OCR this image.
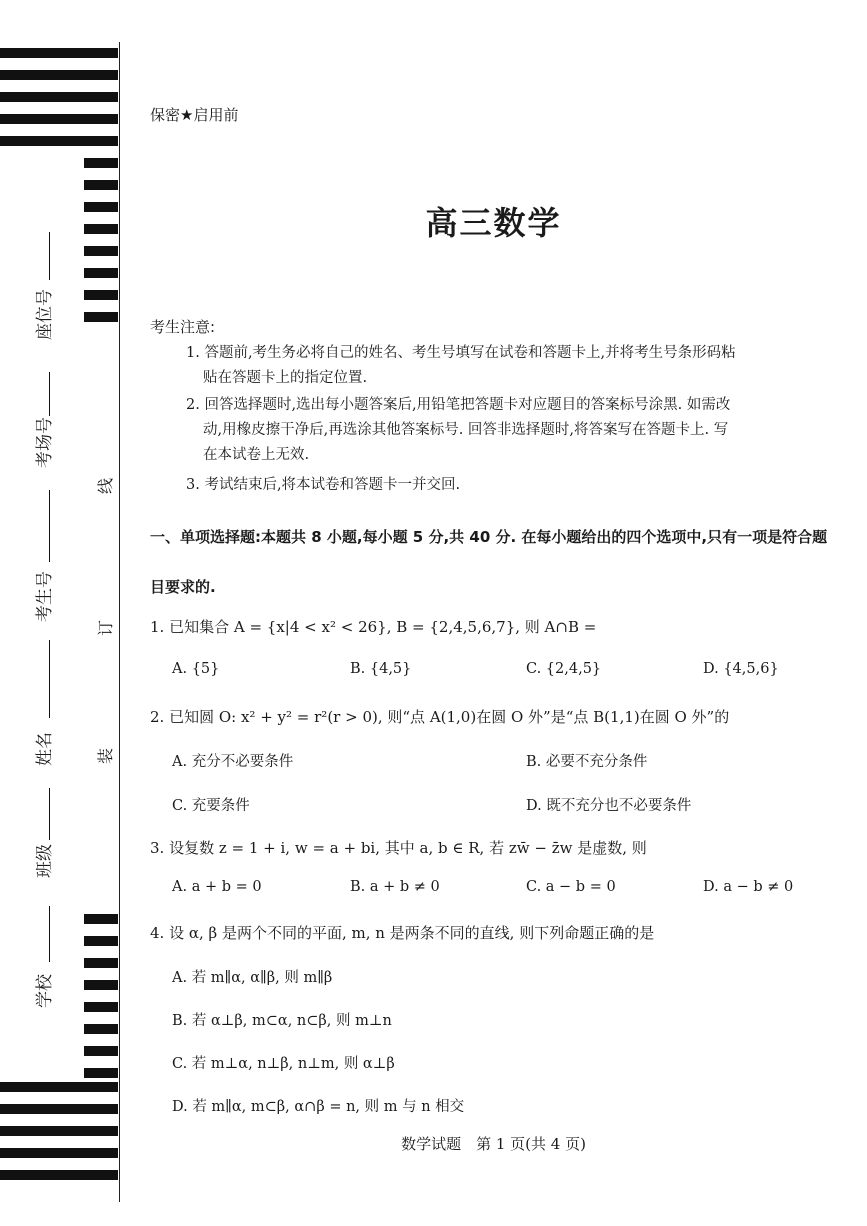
座位号
考场号
考生号
姓名
班级
学校
线
订
装
保密★启用前
高三数学
考生注意:
1. 答题前,考生务必将自己的姓名、考生号填写在试卷和答题卡上,并将考生号条形码粘
贴在答题卡上的指定位置.
2. 回答选择题时,选出每小题答案后,用铅笔把答题卡对应题目的答案标号涂黑. 如需改
动,用橡皮擦干净后,再选涂其他答案标号. 回答非选择题时,将答案写在答题卡上. 写
在本试卷上无效.
3. 考试结束后,将本试卷和答题卡一并交回.
一、单项选择题:本题共 8 小题,每小题 5 分,共 40 分. 在每小题给出的四个选项中,只有一项是符合题目要求的.
1. 已知集合 A = {x|4 < x² < 26}, B = {2,4,5,6,7}, 则 A∩B =
A. {5}	B. {4,5}	C. {2,4,5}	D. {4,5,6}
2. 已知圆 O: x² + y² = r²(r > 0), 则“点 A(1,0)在圆 O 外”是“点 B(1,1)在圆 O 外”的
A. 充分不必要条件	B. 必要不充分条件
C. 充要条件	D. 既不充分也不必要条件
3. 设复数 z = 1 + i, w = a + bi, 其中 a, b ∈ R, 若 zw̄ − z̄w 是虚数, 则
A. a + b = 0	B. a + b ≠ 0	C. a − b = 0	D. a − b ≠ 0
4. 设 α, β 是两个不同的平面, m, n 是两条不同的直线, 则下列命题正确的是
A. 若 m∥α, α∥β, 则 m∥β
B. 若 α⊥β, m⊂α, n⊂β, 则 m⊥n
C. 若 m⊥α, n⊥β, n⊥m, 则 α⊥β
D. 若 m∥α, m⊂β, α∩β = n, 则 m 与 n 相交
数学试题　第 1 页(共 4 页)
